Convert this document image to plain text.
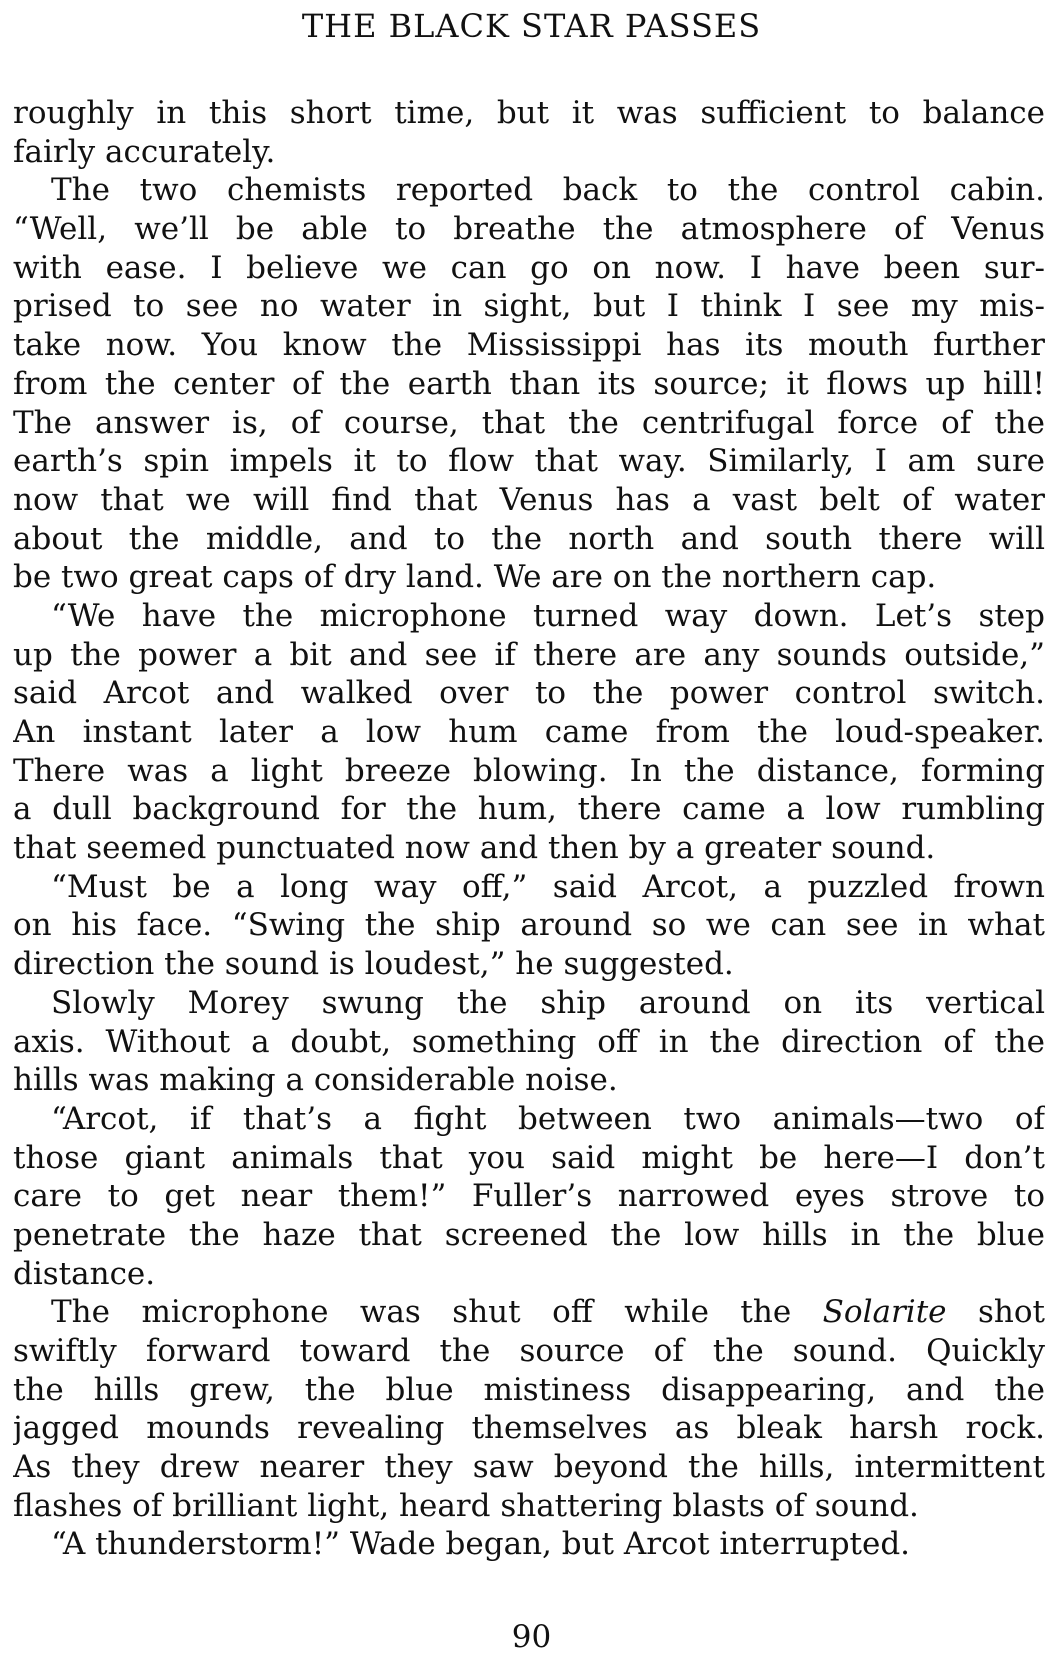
THE BLACK STAR PASSES
roughly in this short time, but it was sufficient to balance
fairly accurately.
The two chemists reported back to the control cabin.
“Well, we’ll be able to breathe the atmosphere of Venus
with ease. I believe we can go on now. I have been sur-
prised to see no water in sight, but I think I see my mis-
take now. You know the Mississippi has its mouth further
from the center of the earth than its source; it flows up hill!
The answer is, of course, that the centrifugal force of the
earth’s spin impels it to flow that way. Similarly, I am sure
now that we will find that Venus has a vast belt of water
about the middle, and to the north and south there will
be two great caps of dry land. We are on the northern cap.
“We have the microphone turned way down. Let’s step
up the power a bit and see if there are any sounds outside,”
said Arcot and walked over to the power control switch.
An instant later a low hum came from the loud-speaker.
There was a light breeze blowing. In the distance, forming
a dull background for the hum, there came a low rumbling
that seemed punctuated now and then by a greater sound.
“Must be a long way off,” said Arcot, a puzzled frown
on his face. “Swing the ship around so we can see in what
direction the sound is loudest,” he suggested.
Slowly Morey swung the ship around on its vertical
axis. Without a doubt, something off in the direction of the
hills was making a considerable noise.
“Arcot, if that’s a fight between two animals—two of
those giant animals that you said might be here—I don’t
care to get near them!” Fuller’s narrowed eyes strove to
penetrate the haze that screened the low hills in the blue
distance.
The microphone was shut off while the Solarite shot
swiftly forward toward the source of the sound. Quickly
the hills grew, the blue mistiness disappearing, and the
jagged mounds revealing themselves as bleak harsh rock.
As they drew nearer they saw beyond the hills, intermittent
flashes of brilliant light, heard shattering blasts of sound.
“A thunderstorm!” Wade began, but Arcot interrupted.
90
